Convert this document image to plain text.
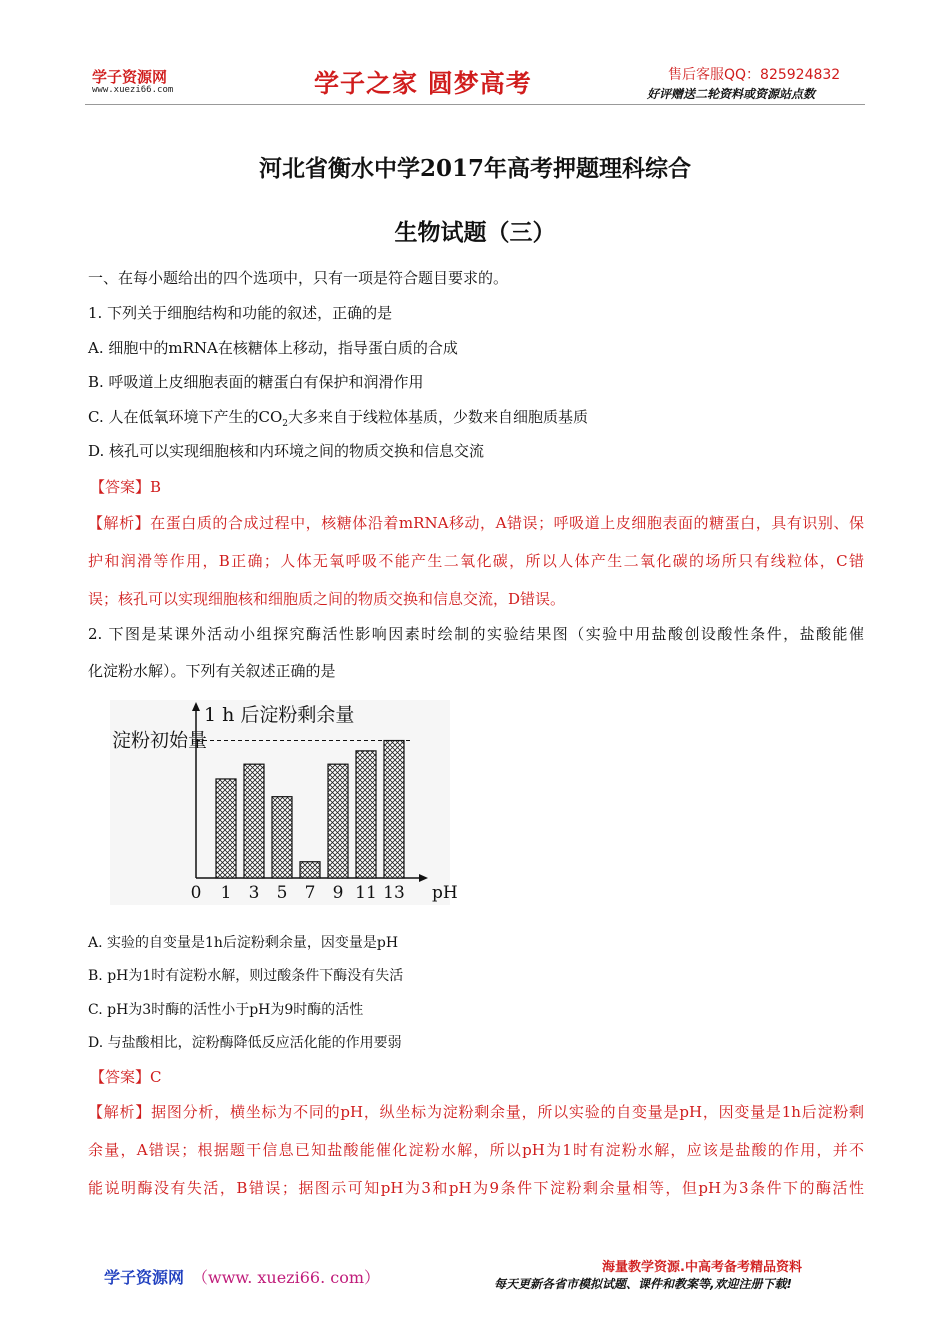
学子资源网
www.xuezi66.com	学子之家 圆梦高考	售后客服QQ：825924832
好评赠送二轮资料或资源站点数
河北省衡水中学2017年高考押题理科综合
生物试题（三）
一、在每小题给出的四个选项中，只有一项是符合题目要求的。
1. 下列关于细胞结构和功能的叙述，正确的是
A. 细胞中的mRNA在核糖体上移动，指导蛋白质的合成
B. 呼吸道上皮细胞表面的糖蛋白有保护和润滑作用
C. 人在低氧环境下产生的$CO_2$大多来自于线粒体基质，少数来自细胞质基质
D. 核孔可以实现细胞核和内环境之间的物质交换和信息交流
【答案】B
【解析】在蛋白质的合成过程中，核糖体沿着mRNA移动，A错误；呼吸道上皮细胞表面的糖蛋白，具有识别、保
护和润滑等作用，B正确；人体无氧呼吸不能产生二氧化碳，所以人体产生二氧化碳的场所只有线粒体，C错
误；核孔可以实现细胞核和细胞质之间的物质交换和信息交流，D错误。
2. 下图是某课外活动小组探究酶活性影响因素时绘制的实验结果图（实验中用盐酸创设酸性条件，盐酸能催
化淀粉水解）。下列有关叙述正确的是
1 h 后淀粉剩余量
淀粉初始量
0	pH
1 3 5 7 9 11 13
A. 实验的自变量是1h后淀粉剩余量，因变量是pH
B. pH为1时有淀粉水解，则过酸条件下酶没有失活
C. pH为3时酶的活性小于pH为9时酶的活性
D. 与盐酸相比，淀粉酶降低反应活化能的作用要弱
【答案】C
【解析】据图分析，横坐标为不同的pH，纵坐标为淀粉剩余量，所以实验的自变量是pH，因变量是1h后淀粉剩
余量，A错误；根据题干信息已知盐酸能催化淀粉水解，所以pH为1时有淀粉水解，应该是盐酸的作用，并不
能说明酶没有失活，B错误；据图示可知pH为3和pH为9条件下淀粉剩余量相等，但pH为3条件下的酶活性
学子资源网 （www. xuezi66. com）
海量教学资源.中高考备考精品资料
每天更新各省市模拟试题、课件和教案等,欢迎注册下载!
